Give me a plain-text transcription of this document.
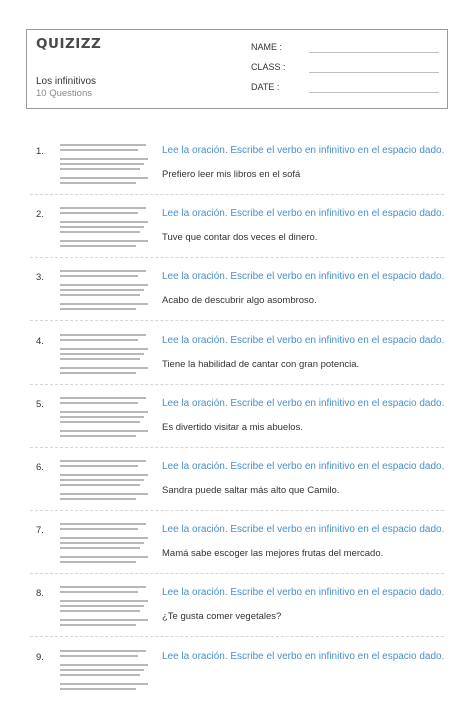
QUIZIZZ
Los infinitivos
10 Questions
NAME :
CLASS :
DATE :
1.	Lee la oración. Escribe el verbo en infinitivo en el espacio dado.
Prefiero leer mis libros en el sofá
2.	Lee la oración. Escribe el verbo en infinitivo en el espacio dado.
Tuve que contar dos veces el dinero.
3.	Lee la oración. Escribe el verbo en infinitivo en el espacio dado.
Acabo de descubrir algo asombroso.
4.	Lee la oración. Escribe el verbo en infinitivo en el espacio dado.
Tiene la habilidad de cantar con gran potencia.
5.	Lee la oración. Escribe el verbo en infinitivo en el espacio dado.
Es divertido visitar a mis abuelos.
6.	Lee la oración. Escribe el verbo en infinitivo en el espacio dado.
Sandra puede saltar más alto que Camilo.
7.	Lee la oración. Escribe el verbo en infinitivo en el espacio dado.
Mamá sabe escoger las mejores frutas del mercado.
8.	Lee la oración. Escribe el verbo en infinitivo en el espacio dado.
¿Te gusta comer vegetales?
9.	Lee la oración. Escribe el verbo en infinitivo en el espacio dado.
